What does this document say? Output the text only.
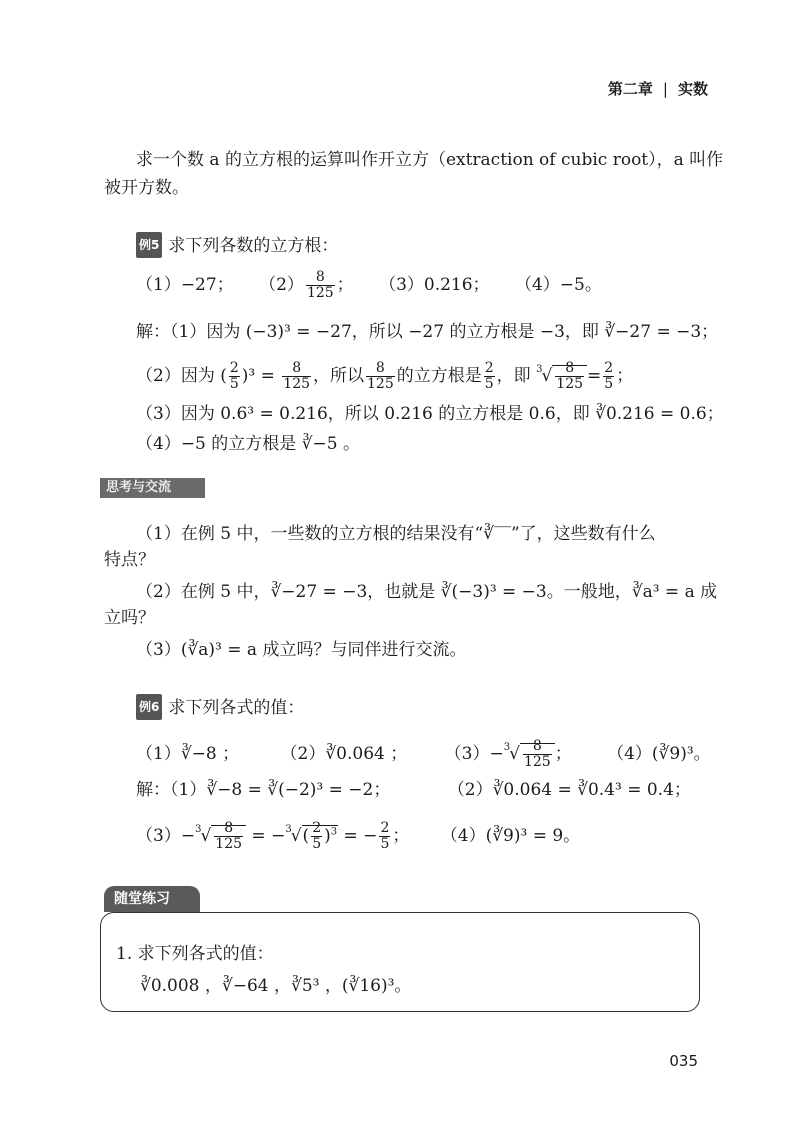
第二章 | 实数
求一个数 a 的立方根的运算叫作开立方（extraction of cubic root），a 叫作
被开方数。
例5 求下列各数的立方根：
（1）−27； $(2) \frac{8}{125}$ ； （3）0.216； （4）−5。
解：（1）因为 (−3)³ = −27，所以 −27 的立方根是 −3，即 ∛−27 = −3；
（2）因为 ( $\frac{2}{5} )^3 = \frac{8}{125}$ ，所以 $\frac{8}{125}$ 的立方根是 $\frac{2}{5}$ ，即 $^3√ \frac{8}{125} = \frac{2}{5}$ ；
（3）因为 0.6³ = 0.216，所以 0.216 的立方根是 0.6，即 ∛0.216 = 0.6；
（4）−5 的立方根是 ∛−5 。
思考与交流
（1）在例 5 中，一些数的立方根的结果没有“∛‾‾”了，这些数有什么
特点？
（2）在例 5 中，∛−27 = −3，也就是 ∛(−3)³ = −3。一般地，∛a³ = a 成
立吗？
（3）(∛a)³ = a 成立吗？与同伴进行交流。
例6 求下列各式的值：
（1）∛−8 ； （2）∛0.064 ； $(3)-^3√ \frac{8}{125}$ ； （4）(∛9)³。
解：（1）∛−8 = ∛(−2)³ = −2；	（2）∛0.064 = ∛0.4³ = 0.4；
$(3)-^3√ \frac{8}{125} = -^3√( \frac{2}{5} )^3$ = − $\frac{2}{5}$ ； （4）(∛9)³ = 9。
随堂练习
1. 求下列各式的值：
∛0.008 ，∛−64 ，∛5³ ，(∛16)³。
035
